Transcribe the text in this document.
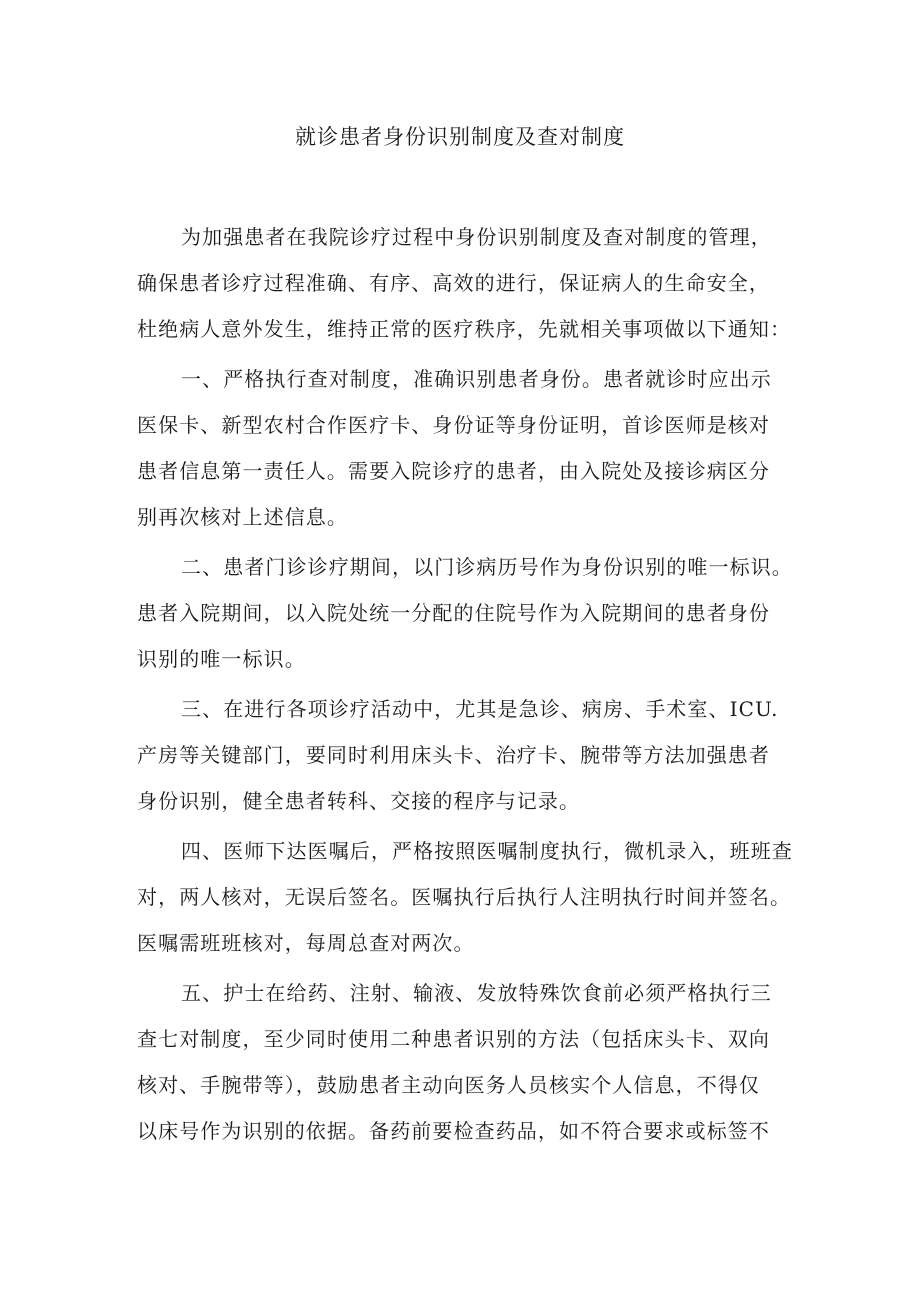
就诊患者身份识别制度及查对制度
为加强患者在我院诊疗过程中身份识别制度及查对制度的管理，
确保患者诊疗过程准确、有序、高效的进行，保证病人的生命安全，
杜绝病人意外发生，维持正常的医疗秩序，先就相关事项做以下通知：
一、严格执行查对制度，准确识别患者身份。患者就诊时应出示
医保卡、新型农村合作医疗卡、身份证等身份证明，首诊医师是核对
患者信息第一责任人。需要入院诊疗的患者，由入院处及接诊病区分
别再次核对上述信息。
二、患者门诊诊疗期间，以门诊病历号作为身份识别的唯一标识。
患者入院期间，以入院处统一分配的住院号作为入院期间的患者身份
识别的唯一标识。
三、在进行各项诊疗活动中，尤其是急诊、病房、手术室、ICU.
产房等关键部门，要同时利用床头卡、治疗卡、腕带等方法加强患者
身份识别，健全患者转科、交接的程序与记录。
四、医师下达医嘱后，严格按照医嘱制度执行，微机录入，班班查
对，两人核对，无误后签名。医嘱执行后执行人注明执行时间并签名。
医嘱需班班核对，每周总查对两次。
五、护士在给药、注射、输液、发放特殊饮食前必须严格执行三
查七对制度，至少同时使用二种患者识别的方法（包括床头卡、双向
核对、手腕带等），鼓励患者主动向医务人员核实个人信息，不得仅
以床号作为识别的依据。备药前要检查药品，如不符合要求或标签不
